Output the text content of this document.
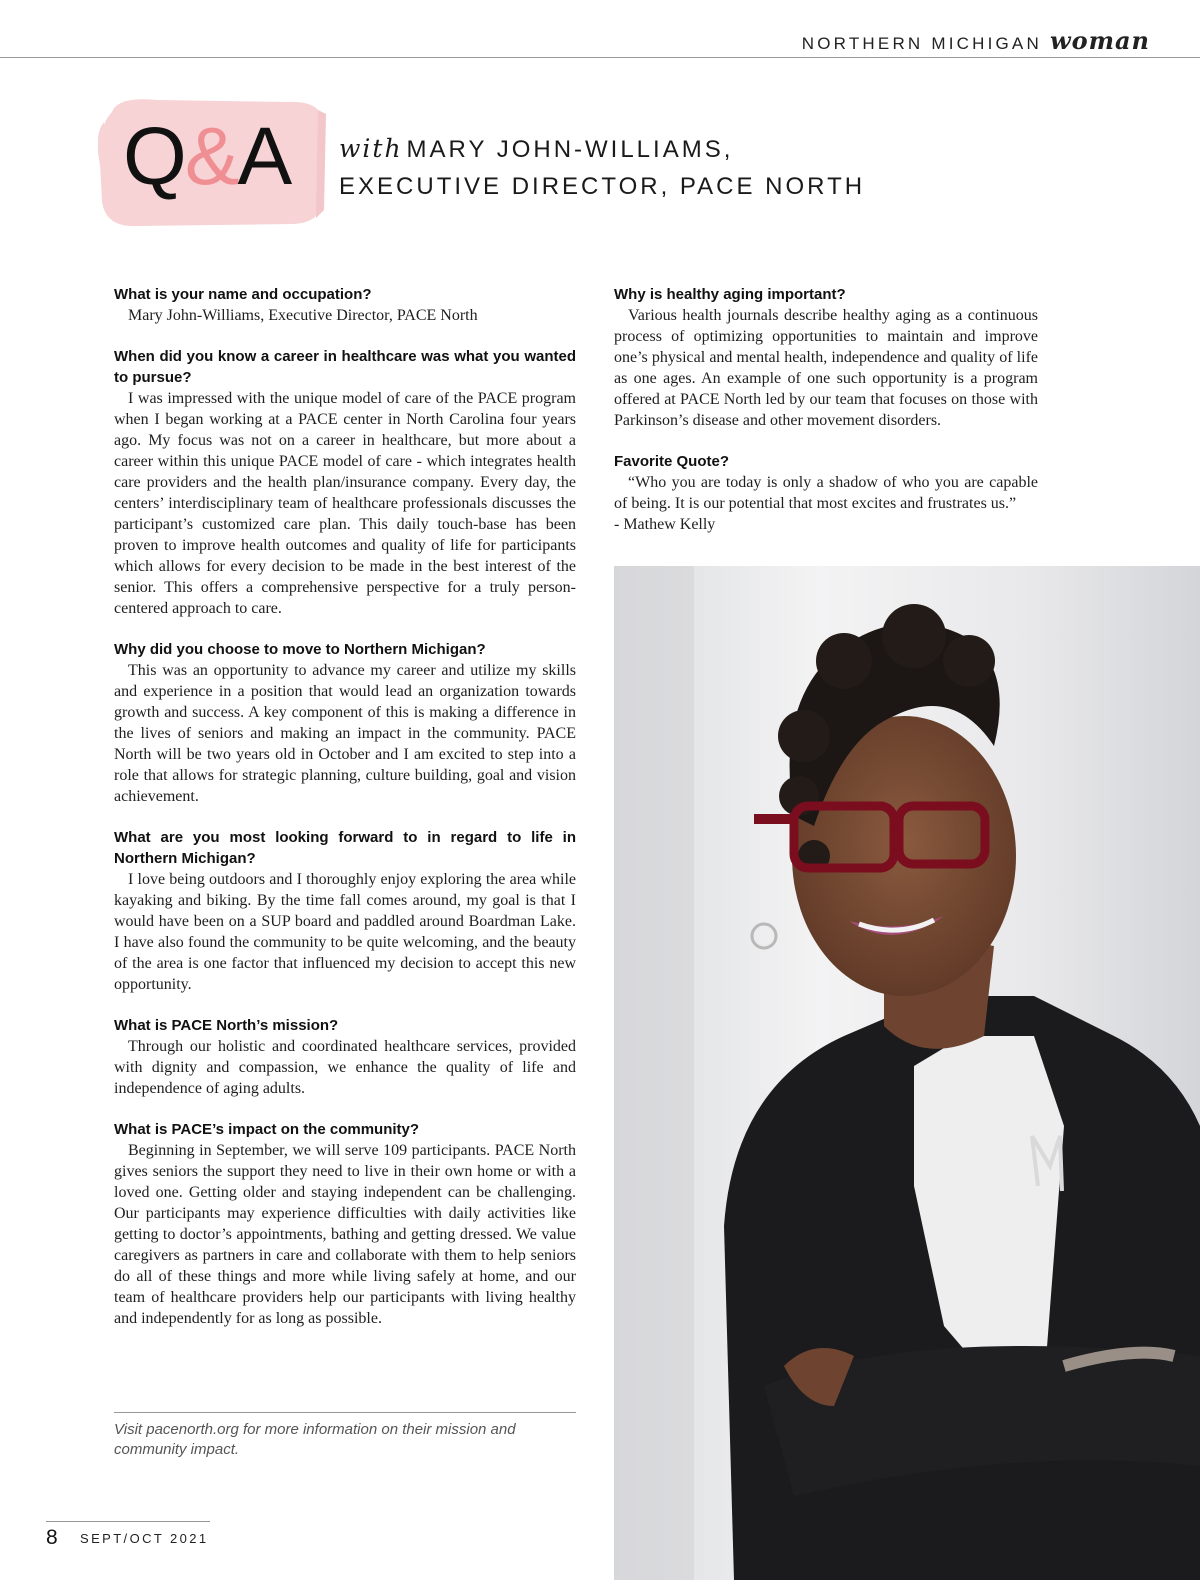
NORTHERN MICHIGAN woman
Q&A with MARY JOHN-WILLIAMS,
EXECUTIVE DIRECTOR, PACE NORTH

What is your name and occupation?

Mary John-Williams, Executive Director, PACE North

When did you know a career in healthcare was what you wanted to pursue?

I was impressed with the unique model of care of the PACE program when I began working at a PACE center in North Carolina four years ago. My focus was not on a career in healthcare, but more about a career within this unique PACE model of care - which integrates health care providers and the health plan/insurance company. Every day, the centers’ interdisciplinary team of healthcare professionals discusses the participant’s customized care plan. This daily touch-base has been proven to improve health outcomes and quality of life for participants which allows for every decision to be made in the best interest of the senior. This offers a comprehensive perspective for a truly person-centered approach to care.

Why did you choose to move to Northern Michigan?

This was an opportunity to advance my career and utilize my skills and experience in a position that would lead an organization towards growth and success. A key component of this is making a difference in the lives of seniors and making an impact in the community. PACE North will be two years old in October and I am excited to step into a role that allows for strategic planning, culture building, goal and vision achievement.

What are you most looking forward to in regard to life in Northern Michigan?

I love being outdoors and I thoroughly enjoy exploring the area while kayaking and biking. By the time fall comes around, my goal is that I would have been on a SUP board and paddled around Boardman Lake. I have also found the community to be quite welcoming, and the beauty of the area is one factor that influenced my decision to accept this new opportunity.

What is PACE North’s mission?

Through our holistic and coordinated healthcare services, provided with dignity and compassion, we enhance the quality of life and independence of aging adults.

What is PACE’s impact on the community?

Beginning in September, we will serve 109 participants. PACE North gives seniors the support they need to live in their own home or with a loved one. Getting older and staying independent can be challenging. Our participants may experience difficulties with daily activities like getting to doctor’s appointments, bathing and getting dressed. We value caregivers as partners in care and collaborate with them to help seniors do all of these things and more while living safely at home, and our team of healthcare providers help our participants with living healthy and independently for as long as possible.

Why is healthy aging important?

Various health journals describe healthy aging as a continuous process of optimizing opportunities to maintain and improve one’s physical and mental health, independence and quality of life as one ages. An example of one such opportunity is a program offered at PACE North led by our team that focuses on those with Parkinson’s disease and other movement disorders.

Favorite Quote?

“Who you are today is only a shadow of who you are capable of being. It is our potential that most excites and frustrates us.”

- Mathew Kelly

Visit pacenorth.org for more information on their mission and community impact.
8 SEPT/OCT 2021
